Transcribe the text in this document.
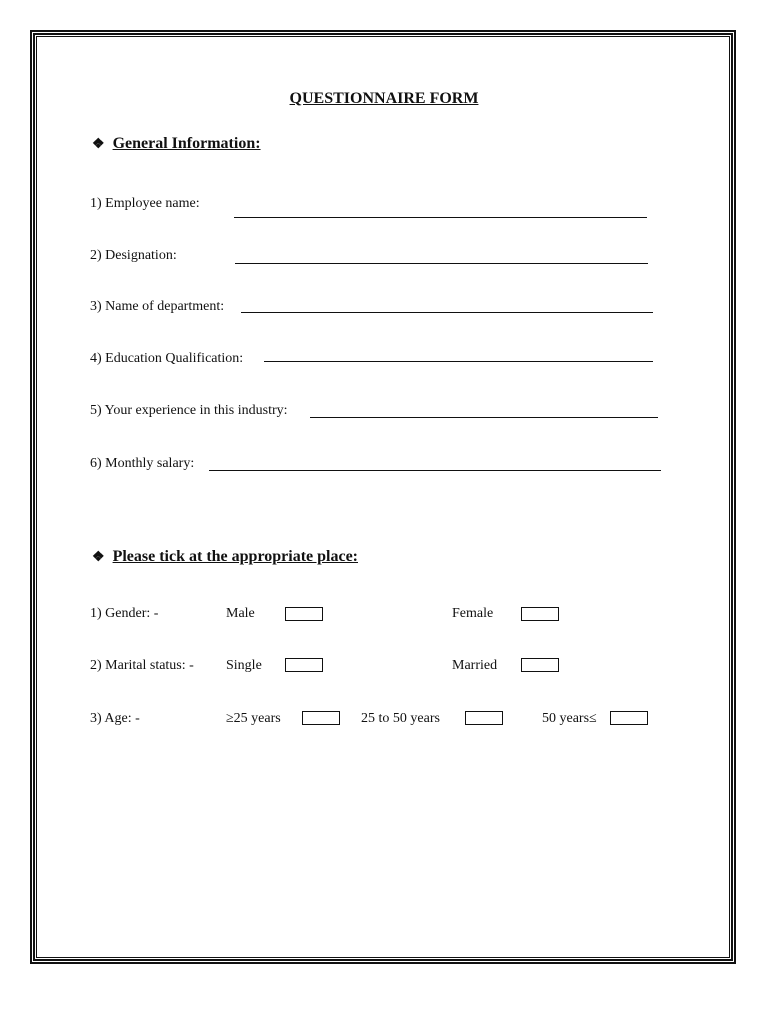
QUESTIONNAIRE FORM
❖ General Information:
1) Employee name:
2) Designation:
3) Name of department:
4) Education Qualification:
5) Your experience in this industry:
6) Monthly salary:
❖ Please tick at the appropriate place:
1) Gender: -	Male	Female
2) Marital status: - Single	Married
3) Age: -	≥25 years	25 to 50 years	50 years≤
